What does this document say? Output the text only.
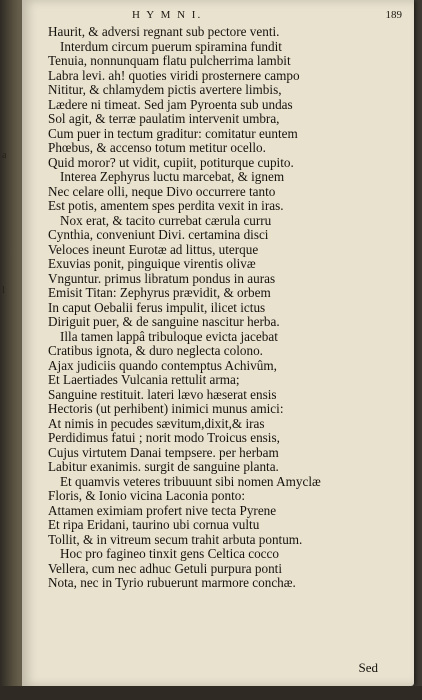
a
l
H Y M N I.	189
Haurit, & adversi regnant sub pectore venti.
Interdum circum puerum spiramina fundit
Tenuia, nonnunquam flatu pulcherrima lambit
Labra levi. ah! quoties viridi prosternere campo
Nititur, & chlamydem pictis avertere limbis,
Lædere ni timeat. Sed jam Pyroenta sub undas
Sol agit, & terræ paulatim intervenit umbra,
Cum puer in tectum graditur: comitatur euntem
Phœbus, & accenso totum metitur ocello.
Quid moror? ut vidit, cupiit, potiturque cupito.
Interea Zephyrus luctu marcebat, & ignem
Nec celare olli, neque Divo occurrere tanto
Est potis, amentem spes perdita vexit in iras.
Nox erat, & tacito currebat cærula curru
Cynthia, conveniunt Divi. certamina disci
Veloces ineunt Eurotæ ad littus, uterque
Exuvias ponit, pinguique virentis olivæ
Vnguntur. primus libratum pondus in auras
Emisit Titan: Zephyrus prævidit, & orbem
In caput Oebalii ferus impulit, ilicet ictus
Diriguit puer, & de sanguine nascitur herba.
Illa tamen lappâ tribuloque evicta jacebat
Cratibus ignota, & duro neglecta colono.
Ajax judiciis quando contemptus Achivûm,
Et Laertiades Vulcania rettulit arma;
Sanguine restituit. lateri lævo hæserat ensis
Hectoris (ut perhibent) inimici munus amici:
At nimis in pecudes sævitum,dixit,& iras
Perdidimus fatui ; norit modo Troicus ensis,
Cujus virtutem Danai tempsere. per herbam
Labitur exanimis. surgit de sanguine planta.
Et quamvis veteres tribuuunt sibi nomen Amyclæ
Floris, & Ionio vicina Laconia ponto:
Attamen eximiam profert nive tecta Pyrene
Et ripa Eridani, taurino ubi cornua vultu
Tollit, & in vitreum secum trahit arbuta pontum.
Hoc pro fagineo tinxit gens Celtica cocco
Vellera, cum nec adhuc Getuli purpura ponti
Nota, nec in Tyrio rubuerunt marmore conchæ.
Sed
